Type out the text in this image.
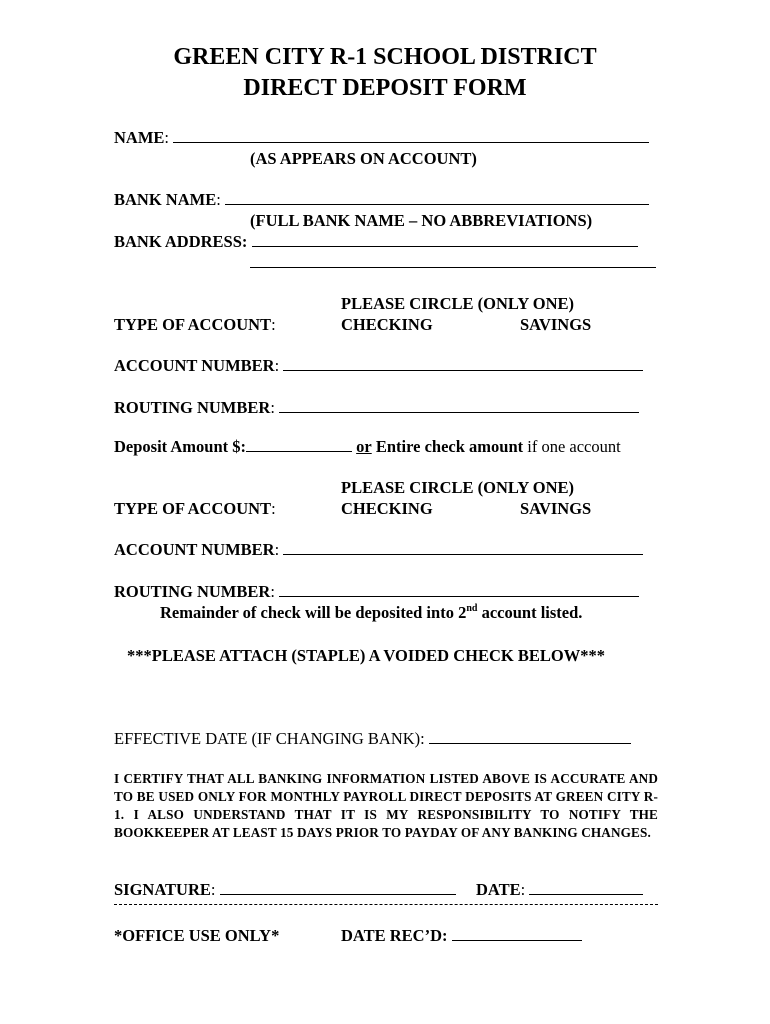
GREEN CITY R-1 SCHOOL DISTRICT
DIRECT DEPOSIT FORM
NAME:
(AS APPEARS ON ACCOUNT)
BANK NAME:
(FULL BANK NAME – NO ABBREVIATIONS)
BANK ADDRESS:
PLEASE CIRCLE (ONLY ONE)
TYPE OF ACCOUNT:	CHECKING	SAVINGS
ACCOUNT NUMBER:
ROUTING NUMBER:
Deposit Amount $:	or Entire check amount if one account
PLEASE CIRCLE (ONLY ONE)
TYPE OF ACCOUNT:	CHECKING	SAVINGS
ACCOUNT NUMBER:
ROUTING NUMBER:
Remainder of check will be deposited into 2nd account listed.
***PLEASE ATTACH (STAPLE) A VOIDED CHECK BELOW***
EFFECTIVE DATE (IF CHANGING BANK):
I CERTIFY THAT ALL BANKING INFORMATION LISTED ABOVE IS ACCURATE AND TO BE USED ONLY FOR MONTHLY PAYROLL DIRECT DEPOSITS AT GREEN CITY R-1. I ALSO UNDERSTAND THAT IT IS MY RESPONSIBILITY TO NOTIFY THE BOOKKEEPER AT LEAST 15 DAYS PRIOR TO PAYDAY OF ANY BANKING CHANGES.
SIGNATURE:	DATE:
*OFFICE USE ONLY*	DATE REC’D:
